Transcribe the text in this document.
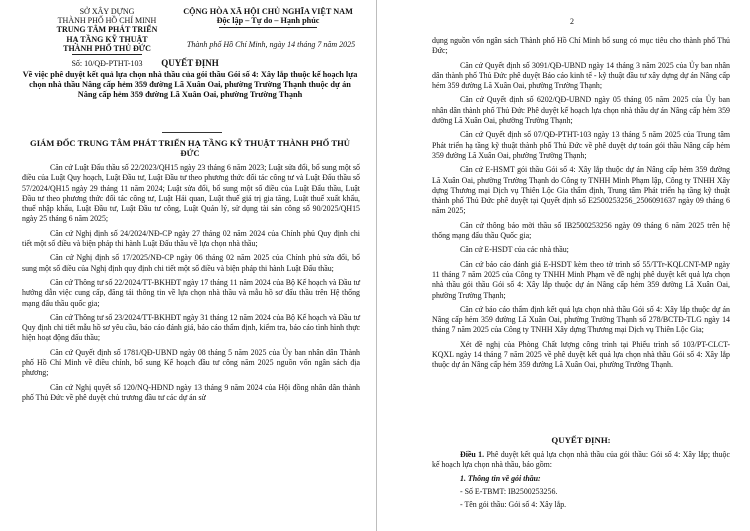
SỞ XÂY DỰNG
THÀNH PHỐ HỒ CHÍ MINH
TRUNG TÂM PHÁT TRIỂN
HẠ TẦNG KỸ THUẬT
THÀNH PHỐ THỦ ĐỨC
Số: 10/QĐ-PTHT-103
CỘNG HÒA XÃ HỘI CHỦ NGHĨA VIỆT NAM
Độc lập – Tự do – Hạnh phúc
Thành phố Hồ Chí Minh, ngày 14 tháng 7 năm 2025
QUYẾT ĐỊNH
Về việc phê duyệt kết quả lựa chọn nhà thầu của gói thầu Gói số 4: Xây lắp thuộc kế hoạch lựa chọn nhà thầu Nâng cấp hẻm 359 đường Lã Xuân Oai, phường Trường Thạnh thuộc dự án Nâng cấp hẻm 359 đường Lã Xuân Oai, phường Trường Thạnh
GIÁM ĐỐC TRUNG TÂM PHÁT TRIỂN HẠ TẦNG KỸ THUẬT THÀNH PHỐ THỦ ĐỨC

Căn cứ Luật Đấu thầu số 22/2023/QH15 ngày 23 tháng 6 năm 2023; Luật sửa đổi, bổ sung một số điều của Luật Quy hoạch, Luật Đầu tư, Luật Đầu tư theo phương thức đối tác công tư và Luật Đấu thầu số 57/2024/QH15 ngày 29 tháng 11 năm 2024; Luật sửa đổi, bổ sung một số điều của Luật Đấu thầu, Luật Đầu tư theo phương thức đối tác công tư, Luật Hải quan, Luật thuế giá trị gia tăng, Luật thuế xuất khẩu, thuế nhập khẩu, Luật Đầu tư, Luật Đầu tư công, Luật Quản lý, sử dụng tài sản công số 90/2025/QH15 ngày 25 tháng 6 năm 2025;

Căn cứ Nghị định số 24/2024/NĐ-CP ngày 27 tháng 02 năm 2024 của Chính phủ Quy định chi tiết một số điều và biện pháp thi hành Luật Đấu thầu về lựa chọn nhà thầu;

Căn cứ Nghị định số 17/2025/NĐ-CP ngày 06 tháng 02 năm 2025 của Chính phủ sửa đổi, bổ sung một số điều của Nghị định quy định chi tiết một số điều và biện pháp thi hành Luật Đấu thầu;

Căn cứ Thông tư số 22/2024/TT-BKHĐT ngày 17 tháng 11 năm 2024 của Bộ Kế hoạch và Đầu tư hướng dẫn việc cung cấp, đăng tải thông tin về lựa chọn nhà thầu và mẫu hồ sơ đấu thầu trên Hệ thống mạng đấu thầu quốc gia;

Căn cứ Thông tư số 23/2024/TT-BKHĐT ngày 31 tháng 12 năm 2024 của Bộ Kế hoạch và Đầu tư Quy định chi tiết mẫu hồ sơ yêu cầu, báo cáo đánh giá, báo cáo thẩm định, kiểm tra, báo cáo tình hình thực hiện hoạt động đấu thầu;

Căn cứ Quyết định số 1781/QĐ-UBND ngày 08 tháng 5 năm 2025 của Ủy ban nhân dân Thành phố Hồ Chí Minh về điều chỉnh, bổ sung Kế hoạch đầu tư công năm 2025 nguồn vốn ngân sách địa phương;

Căn cứ Nghị quyết số 120/NQ-HĐND ngày 13 tháng 9 năm 2024 của Hội đồng nhân dân thành phố Thủ Đức về phê duyệt chủ trương đầu tư các dự án sử

2

dụng nguồn vốn ngân sách Thành phố Hồ Chí Minh bổ sung có mục tiêu cho thành phố Thủ Đức;

Căn cứ Quyết định số 3091/QĐ-UBND ngày 14 tháng 3 năm 2025 của Ủy ban nhân dân thành phố Thủ Đức phê duyệt Báo cáo kinh tế - kỹ thuật đầu tư xây dựng dự án Nâng cấp hẻm 359 đường Lã Xuân Oai, phường Trường Thạnh;

Căn cứ Quyết định số 6202/QĐ-UBND ngày 05 tháng 05 năm 2025 của Ủy ban nhân dân thành phố Thủ Đức Phê duyệt kế hoạch lựa chọn nhà thầu dự án Nâng cấp hẻm 359 đường Lã Xuân Oai, phường Trường Thạnh;

Căn cứ Quyết định số 07/QĐ-PTHT-103 ngày 13 tháng 5 năm 2025 của Trung tâm Phát triển hạ tầng kỹ thuật thành phố Thủ Đức về phê duyệt dự toán gói thầu Nâng cấp hẻm 359 đường Lã Xuân Oai, phường Trường Thạnh;

Căn cứ E-HSMT gói thầu Gói số 4: Xây lắp thuộc dự án Nâng cấp hẻm 359 đường Lã Xuân Oai, phường Trường Thạnh do Công ty TNHH Minh Phạm lập, Công ty TNHH Xây dựng Thương mại Dịch vụ Thiên Lộc Gia thẩm định, Trung tâm Phát triển hạ tầng kỹ thuật thành phố Thủ Đức phê duyệt tại Quyết định số E2500253256_2506091637 ngày 09 tháng 6 năm 2025;

Căn cứ thông báo mời thầu số IB2500253256 ngày 09 tháng 6 năm 2025 trên hệ thống mạng đấu thầu Quốc gia;

Căn cứ E-HSDT của các nhà thầu;

Căn cứ báo cáo đánh giá E-HSDT kèm theo tờ trình số 55/TTr-KQLCNT-MP ngày 11 tháng 7 năm 2025 của Công ty TNHH Minh Phạm về đề nghị phê duyệt kết quả lựa chọn nhà thầu gói thầu Gói số 4: Xây lắp thuộc dự án Nâng cấp hẻm 359 đường Lã Xuân Oai, phường Trường Thạnh;

Căn cứ báo cáo thẩm định kết quả lựa chọn nhà thầu Gói số 4: Xây lắp thuộc dự án Nâng cấp hẻm 359 đường Lã Xuân Oai, phường Trường Thạnh số 278/BCTĐ-TLG ngày 14 tháng 7 năm 2025 của Công ty TNHH Xây dựng Thương mại Dịch vụ Thiên Lộc Gia;

Xét đề nghị của Phòng Chất lượng công trình tại Phiếu trình số 103/PT-CLCT-KQXL ngày 14 tháng 7 năm 2025 về phê duyệt kết quả lựa chọn nhà thầu Gói số 4: Xây lắp thuộc dự án Nâng cấp hẻm 359 đường Lã Xuân Oai, phường Trường Thạnh.

QUYẾT ĐỊNH:

Điều 1. Phê duyệt kết quả lựa chọn nhà thầu của gói thầu: Gói số 4: Xây lắp; thuộc kế hoạch lựa chọn nhà thầu, báo gồm:

1. Thông tin về gói thầu:
- Số E-TBMT: IB2500253256.
- Tên gói thầu: Gói số 4: Xây lắp.
